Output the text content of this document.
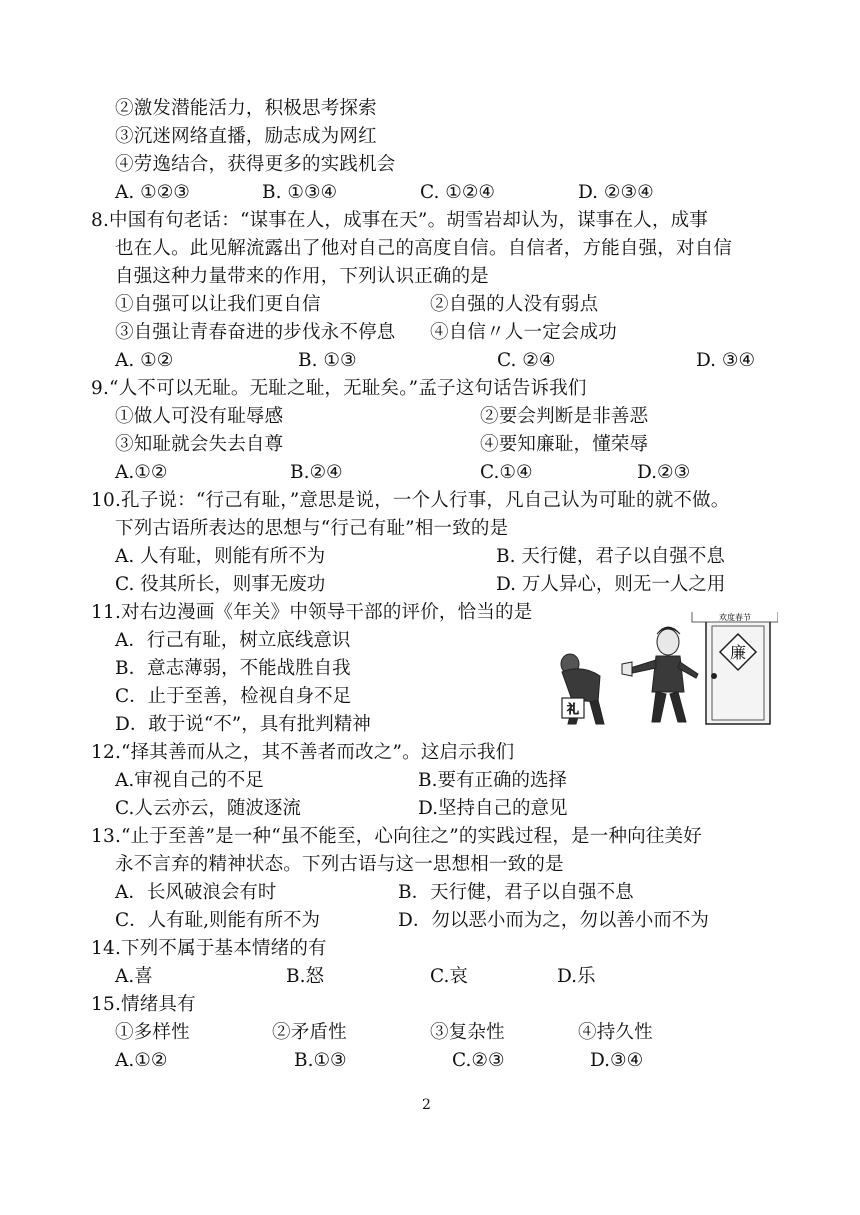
②激发潜能活力，积极思考探索
③沉迷网络直播，励志成为网红
④劳逸结合，获得更多的实践机会
A. ①②③	B. ①③④	C. ①②④	D. ②③④
8.中国有句老话：“谋事在人，成事在天”。胡雪岩却认为，谋事在人，成事
也在人。此见解流露出了他对自己的高度自信。自信者，方能自强，对自信
自强这种力量带来的作用，下列认识正确的是
①自强可以让我们更自信	②自强的人没有弱点
③自强让青春奋进的步伐永不停息 ④自信〃人一定会成功
A. ①②	B. ①③	C. ②④	D. ③④
9.“人不可以无耻。无耻之耻，无耻矣。”孟子这句话告诉我们
①做人可没有耻辱感	②要会判断是非善恶
③知耻就会失去自尊	④要知廉耻，懂荣辱
A.①②	B.②④	C.①④	D.②③
10.孔子说：“行己有耻，”意思是说，一个人行事，凡自己认为可耻的就不做。
下列古语所表达的思想与“行己有耻”相一致的是
A. 人有耻，则能有所不为	B. 天行健，君子以自强不息
C. 役其所长，则事无废功	D. 万人异心，则无一人之用
11.对右边漫画《年关》中领导干部的评价，恰当的是
A．行己有耻，树立底线意识
B．意志薄弱，不能战胜自我
C．止于至善，检视自身不足
D．敢于说“不”，具有批判精神
欢度春节
廉
礼
12.“择其善而从之，其不善者而改之”。这启示我们
A.审视自己的不足	B.要有正确的选择
C.人云亦云，随波逐流	D.坚持自己的意见
13.“止于至善”是一种“虽不能至，心向往之”的实践过程，是一种向往美好
永不言弃的精神状态。下列古语与这一思想相一致的是
A．长风破浪会有时	B．天行健，君子以自强不息
C．人有耻,则能有所不为	D．勿以恶小而为之，勿以善小而不为
14.下列不属于基本情绪的有
A.喜	B.怒	C.哀	D.乐
15.情绪具有
①多样性	②矛盾性	③复杂性	④持久性
A.①②	B.①③	C.②③	D.③④
2
